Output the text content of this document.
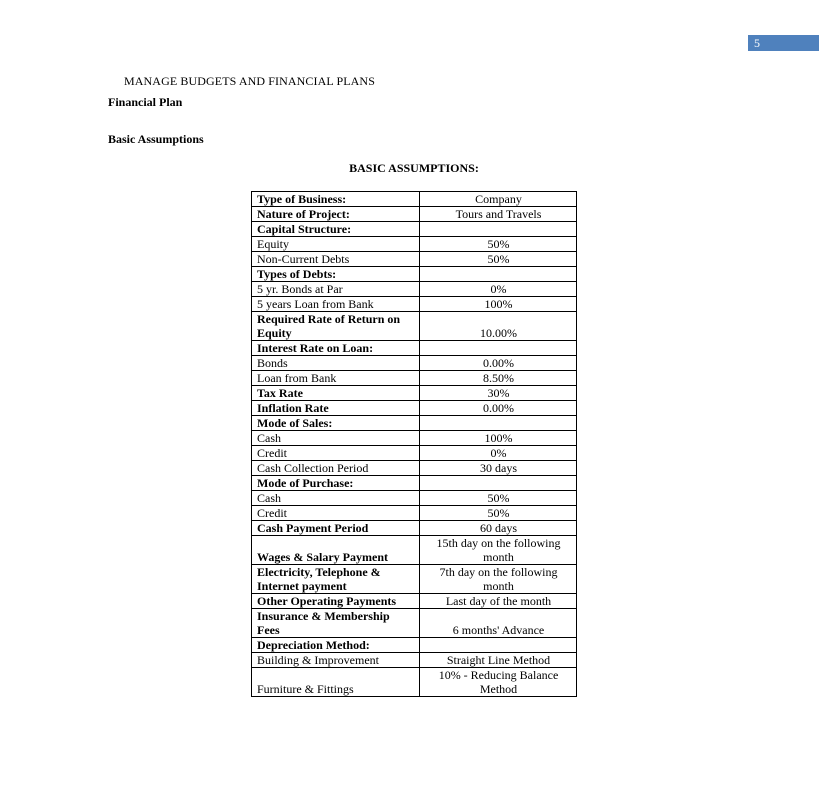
5
MANAGE BUDGETS AND FINANCIAL PLANS
Financial Plan
Basic Assumptions
BASIC ASSUMPTIONS:
Type of Business:	Company
Nature of Project:	Tours and Travels
Capital Structure:	
Equity	50%
Non-Current Debts	50%
Types of Debts:	
5 yr. Bonds at Par	0%
5 years Loan from Bank	100%
Required Rate of Return on Equity	10.00%
Interest Rate on Loan:	
Bonds	0.00%
Loan from Bank	8.50%
Tax Rate	30%
Inflation Rate	0.00%
Mode of Sales:	
Cash	100%
Credit	0%
Cash Collection Period	30 days
Mode of Purchase:	
Cash	50%
Credit	50%
Cash Payment Period	60 days
Wages & Salary Payment	15th day on the following month
Electricity, Telephone & Internet payment	7th day on the following month
Other Operating Payments	Last day of the month
Insurance & Membership Fees	6 months' Advance
Depreciation Method:	
Building & Improvement	Straight Line Method
Furniture & Fittings	10% - Reducing Balance Method
